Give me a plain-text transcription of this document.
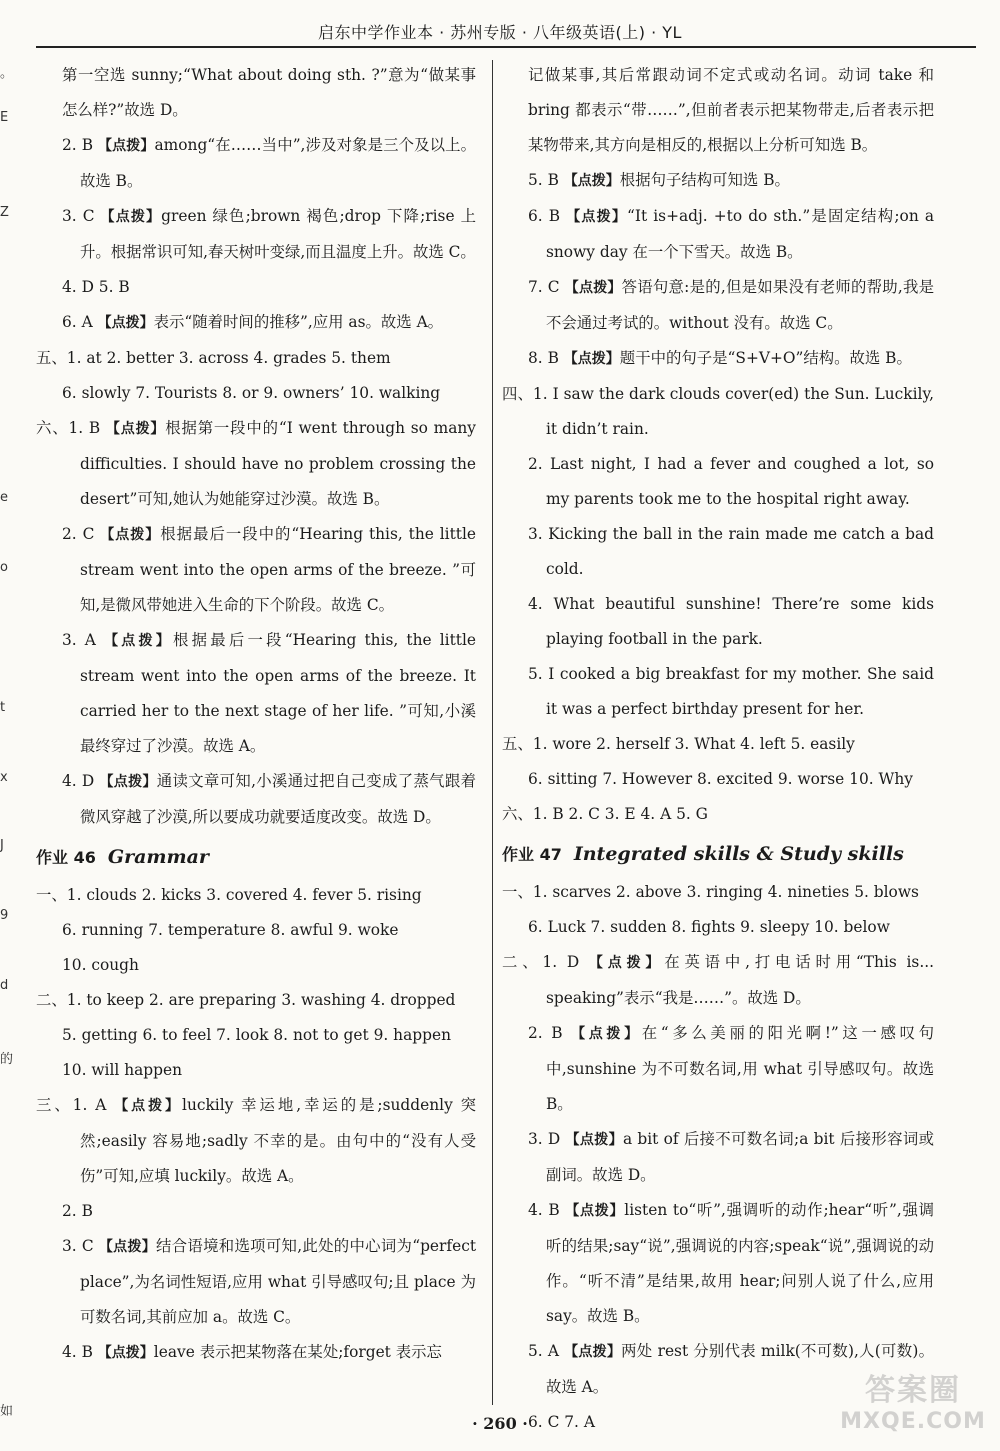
启东中学作业本 · 苏州专版 · 八年级英语(上) · YL
。
E
Z
e
o
t
x
J
9
d
的
如

第一空选 sunny;“What about doing sth. ?”意为“做某事怎么样?”故选 D。

2. B 【点拨】among“在……当中”,涉及对象是三个及以上。故选 B。

3. C 【点拨】green 绿色;brown 褐色;drop 下降;rise 上升。根据常识可知,春天树叶变绿,而且温度上升。故选 C。

4. D 5. B

6. A 【点拨】表示“随着时间的推移”,应用 as。故选 A。

五、1. at 2. better 3. across 4. grades 5. them

6. slowly 7. Tourists 8. or 9. owners’ 10. walking

六、1. B 【点拨】根据第一段中的“I went through so many difficulties. I should have no problem crossing the desert”可知,她认为她能穿过沙漠。故选 B。

2. C 【点拨】根据最后一段中的“Hearing this, the little stream went into the open arms of the breeze. ”可知,是微风带她进入生命的下个阶段。故选 C。

3. A 【点拨】根据最后一段“Hearing this, the little stream went into the open arms of the breeze. It carried her to the next stage of her life. ”可知,小溪最终穿过了沙漠。故选 A。

4. D 【点拨】通读文章可知,小溪通过把自己变成了蒸气跟着微风穿越了沙漠,所以要成功就要适度改变。故选 D。

作业 46 Grammar

一、1. clouds 2. kicks 3. covered 4. fever 5. rising

6. running 7. temperature 8. awful 9. woke

10. cough

二、1. to keep 2. are preparing 3. washing 4. dropped

5. getting 6. to feel 7. look 8. not to get 9. happen

10. will happen

三、1. A 【点拨】luckily 幸运地,幸运的是;suddenly 突然;easily 容易地;sadly 不幸的是。由句中的“没有人受伤”可知,应填 luckily。故选 A。

2. B

3. C 【点拨】结合语境和选项可知,此处的中心词为“perfect place”,为名词性短语,应用 what 引导感叹句;且 place 为可数名词,其前应加 a。故选 C。

4. B 【点拨】leave 表示把某物落在某处;forget 表示忘

记做某事,其后常跟动词不定式或动名词。动词 take 和 bring 都表示“带……”,但前者表示把某物带走,后者表示把某物带来,其方向是相反的,根据以上分析可知选 B。

5. B 【点拨】根据句子结构可知选 B。

6. B 【点拨】“It is+adj. +to do sth.”是固定结构;on a snowy day 在一个下雪天。故选 B。

7. C 【点拨】答语句意:是的,但是如果没有老师的帮助,我是不会通过考试的。without 没有。故选 C。

8. B 【点拨】题干中的句子是“S+V+O”结构。故选 B。

四、1. I saw the dark clouds cover(ed) the Sun. Luckily, it didn’t rain.

2. Last night, I had a fever and coughed a lot, so my parents took me to the hospital right away.

3. Kicking the ball in the rain made me catch a bad cold.

4. What beautiful sunshine! There’re some kids playing football in the park.

5. I cooked a big breakfast for my mother. She said it was a perfect birthday present for her.

五、1. wore 2. herself 3. What 4. left 5. easily

6. sitting 7. However 8. excited 9. worse 10. Why

六、1. B 2. C 3. E 4. A 5. G

作业 47 Integrated skills & Study skills

一、1. scarves 2. above 3. ringing 4. nineties 5. blows

6. Luck 7. sudden 8. fights 9. sleepy 10. below

二、1. D 【点拨】在英语中,打电话时用“This is... speaking”表示“我是……”。故选 D。

2. B 【点拨】在“多么美丽的阳光啊!”这一感叹句中,sunshine 为不可数名词,用 what 引导感叹句。故选 B。

3. D 【点拨】a bit of 后接不可数名词;a bit 后接形容词或副词。故选 D。

4. B 【点拨】listen to“听”,强调听的动作;hear“听”,强调听的结果;say“说”,强调说的内容;speak“说”,强调说的动作。“听不清”是结果,故用 hear;问别人说了什么,应用 say。故选 B。

5. A 【点拨】两处 rest 分别代表 milk(不可数),人(可数)。故选 A。

6. C 7. A

· 260 ·
答案圈
MXQE.COM
